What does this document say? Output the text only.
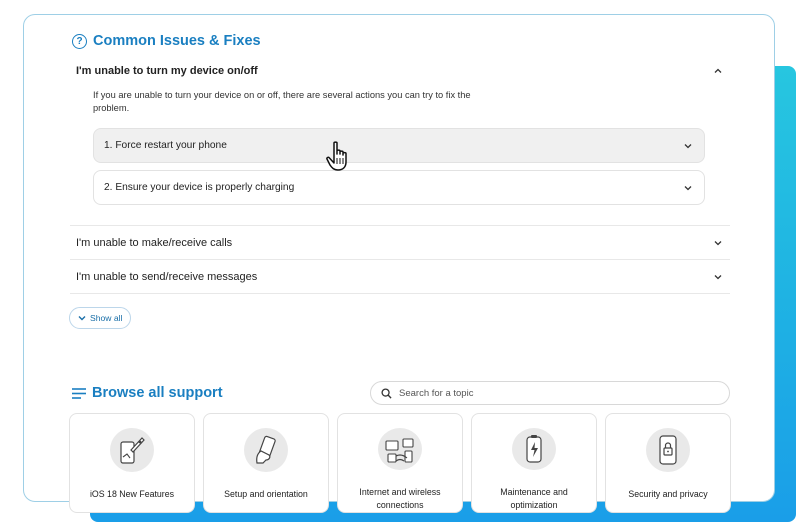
? Common Issues & Fixes
I'm unable to turn my device on/off
If you are unable to turn your device on or off, there are several actions you can try to fix the problem.
1. Force restart your phone
2. Ensure your device is properly charging
I'm unable to make/receive calls
I'm unable to send/receive messages
Show all
Browse all support
Search for a topic
iOS 18 New Features	Setup and orientation	Internet and wireless connections
Maintenance and optimization
Security and privacy
